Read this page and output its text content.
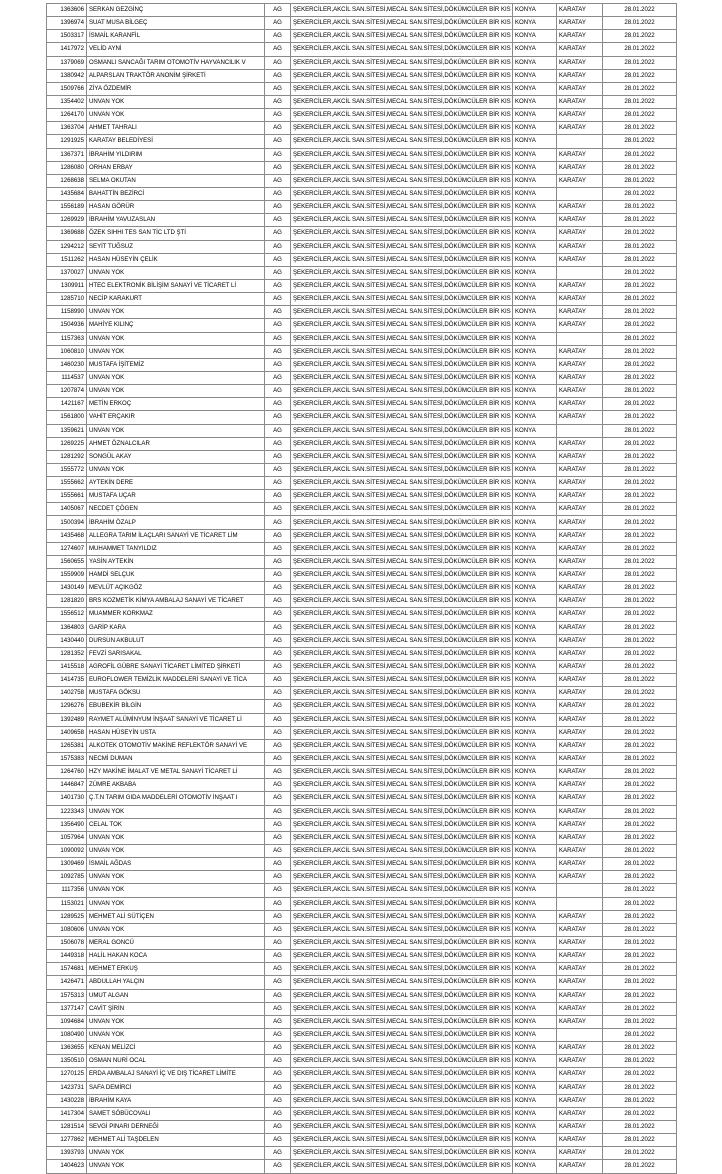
1363606	SERKAN GEZGİNÇ	AG	ŞEKERCİLER,AKCİL SAN.SİTESİ,MECAL SAN.SİTESİ,DÖKÜMCÜLER BİR KIS	KONYA	KARATAY	28.01.2022
1396974	SUAT MUSA BİLGEÇ	AG	ŞEKERCİLER,AKCİL SAN.SİTESİ,MECAL SAN.SİTESİ,DÖKÜMCÜLER BİR KIS	KONYA	KARATAY	28.01.2022
1503317	İSMAİL KARANFİL	AG	ŞEKERCİLER,AKCİL SAN.SİTESİ,MECAL SAN.SİTESİ,DÖKÜMCÜLER BİR KIS	KONYA	KARATAY	28.01.2022
1417972	VELİD AYNİ	AG	ŞEKERCİLER,AKCİL SAN.SİTESİ,MECAL SAN.SİTESİ,DÖKÜMCÜLER BİR KIS	KONYA	KARATAY	28.01.2022
1379069	OSMANLI SANCAĞI TARIM OTOMOTİV HAYVANCILIK V	AG	ŞEKERCİLER,AKCİL SAN.SİTESİ,MECAL SAN.SİTESİ,DÖKÜMCÜLER BİR KIS	KONYA	KARATAY	28.01.2022
1380942	ALPARSLAN TRAKTÖR ANONİM ŞİRKETİ	AG	ŞEKERCİLER,AKCİL SAN.SİTESİ,MECAL SAN.SİTESİ,DÖKÜMCÜLER BİR KIS	KONYA	KARATAY	28.01.2022
1509766	ZİYA ÖZDEMİR	AG	ŞEKERCİLER,AKCİL SAN.SİTESİ,MECAL SAN.SİTESİ,DÖKÜMCÜLER BİR KIS	KONYA	KARATAY	28.01.2022
1354402	UNVAN YOK	AG	ŞEKERCİLER,AKCİL SAN.SİTESİ,MECAL SAN.SİTESİ,DÖKÜMCÜLER BİR KIS	KONYA	KARATAY	28.01.2022
1264170	UNVAN YOK	AG	ŞEKERCİLER,AKCİL SAN.SİTESİ,MECAL SAN.SİTESİ,DÖKÜMCÜLER BİR KIS	KONYA	KARATAY	28.01.2022
1363704	AHMET TAHRALI	AG	ŞEKERCİLER,AKCİL SAN.SİTESİ,MECAL SAN.SİTESİ,DÖKÜMCÜLER BİR KIS	KONYA	KARATAY	28.01.2022
1291925	KARATAY BELEDİYESİ	AG	ŞEKERCİLER,AKCİL SAN.SİTESİ,MECAL SAN.SİTESİ,DÖKÜMCÜLER BİR KIS	KONYA		28.01.2022
1367371	İBRAHİM YILDIRIM	AG	ŞEKERCİLER,AKCİL SAN.SİTESİ,MECAL SAN.SİTESİ,DÖKÜMCÜLER BİR KIS	KONYA	KARATAY	28.01.2022
1286080	ORHAN ERBAY	AG	ŞEKERCİLER,AKCİL SAN.SİTESİ,MECAL SAN.SİTESİ,DÖKÜMCÜLER BİR KIS	KONYA	KARATAY	28.01.2022
1268638	SELMA OKUTAN	AG	ŞEKERCİLER,AKCİL SAN.SİTESİ,MECAL SAN.SİTESİ,DÖKÜMCÜLER BİR KIS	KONYA	KARATAY	28.01.2022
1435684	BAHATTİN BEZİRCİ	AG	ŞEKERCİLER,AKCİL SAN.SİTESİ,MECAL SAN.SİTESİ,DÖKÜMCÜLER BİR KIS	KONYA		28.01.2022
1556189	HASAN GÖRÜR	AG	ŞEKERCİLER,AKCİL SAN.SİTESİ,MECAL SAN.SİTESİ,DÖKÜMCÜLER BİR KIS	KONYA	KARATAY	28.01.2022
1269929	İBRAHİM YAVUZASLAN	AG	ŞEKERCİLER,AKCİL SAN.SİTESİ,MECAL SAN.SİTESİ,DÖKÜMCÜLER BİR KIS	KONYA	KARATAY	28.01.2022
1369688	ÖZEK SIHHI TES SAN TİC LTD ŞTİ	AG	ŞEKERCİLER,AKCİL SAN.SİTESİ,MECAL SAN.SİTESİ,DÖKÜMCÜLER BİR KIS	KONYA	KARATAY	28.01.2022
1294212	SEYİT TUĞSUZ	AG	ŞEKERCİLER,AKCİL SAN.SİTESİ,MECAL SAN.SİTESİ,DÖKÜMCÜLER BİR KIS	KONYA	KARATAY	28.01.2022
1511262	HASAN HÜSEYİN ÇELİK	AG	ŞEKERCİLER,AKCİL SAN.SİTESİ,MECAL SAN.SİTESİ,DÖKÜMCÜLER BİR KIS	KONYA	KARATAY	28.01.2022
1370027	UNVAN YOK	AG	ŞEKERCİLER,AKCİL SAN.SİTESİ,MECAL SAN.SİTESİ,DÖKÜMCÜLER BİR KIS	KONYA		28.01.2022
1309911	HTEC ELEKTRONİK BİLİŞİM SANAYİ VE TİCARET Lİ	AG	ŞEKERCİLER,AKCİL SAN.SİTESİ,MECAL SAN.SİTESİ,DÖKÜMCÜLER BİR KIS	KONYA	KARATAY	28.01.2022
1285710	NECİP KARAKURT	AG	ŞEKERCİLER,AKCİL SAN.SİTESİ,MECAL SAN.SİTESİ,DÖKÜMCÜLER BİR KIS	KONYA	KARATAY	28.01.2022
1158990	UNVAN YOK	AG	ŞEKERCİLER,AKCİL SAN.SİTESİ,MECAL SAN.SİTESİ,DÖKÜMCÜLER BİR KIS	KONYA	KARATAY	28.01.2022
1504936	MAHİYE KILINÇ	AG	ŞEKERCİLER,AKCİL SAN.SİTESİ,MECAL SAN.SİTESİ,DÖKÜMCÜLER BİR KIS	KONYA	KARATAY	28.01.2022
1157363	UNVAN YOK	AG	ŞEKERCİLER,AKCİL SAN.SİTESİ,MECAL SAN.SİTESİ,DÖKÜMCÜLER BİR KIS	KONYA		28.01.2022
1060810	UNVAN YOK	AG	ŞEKERCİLER,AKCİL SAN.SİTESİ,MECAL SAN.SİTESİ,DÖKÜMCÜLER BİR KIS	KONYA	KARATAY	28.01.2022
1460230	MUSTAFA İŞİTEMİZ	AG	ŞEKERCİLER,AKCİL SAN.SİTESİ,MECAL SAN.SİTESİ,DÖKÜMCÜLER BİR KIS	KONYA	KARATAY	28.01.2022
1114537	UNVAN YOK	AG	ŞEKERCİLER,AKCİL SAN.SİTESİ,MECAL SAN.SİTESİ,DÖKÜMCÜLER BİR KIS	KONYA	KARATAY	28.01.2022
1207874	UNVAN YOK	AG	ŞEKERCİLER,AKCİL SAN.SİTESİ,MECAL SAN.SİTESİ,DÖKÜMCÜLER BİR KIS	KONYA	KARATAY	28.01.2022
1421167	METİN ERKOÇ	AG	ŞEKERCİLER,AKCİL SAN.SİTESİ,MECAL SAN.SİTESİ,DÖKÜMCÜLER BİR KIS	KONYA	KARATAY	28.01.2022
1561800	VAHİT ERÇAKIR	AG	ŞEKERCİLER,AKCİL SAN.SİTESİ,MECAL SAN.SİTESİ,DÖKÜMCÜLER BİR KIS	KONYA	KARATAY	28.01.2022
1359621	UNVAN YOK	AG	ŞEKERCİLER,AKCİL SAN.SİTESİ,MECAL SAN.SİTESİ,DÖKÜMCÜLER BİR KIS	KONYA		28.01.2022
1269225	AHMET ÖZNALCILAR	AG	ŞEKERCİLER,AKCİL SAN.SİTESİ,MECAL SAN.SİTESİ,DÖKÜMCÜLER BİR KIS	KONYA	KARATAY	28.01.2022
1281292	SONGÜL AKAY	AG	ŞEKERCİLER,AKCİL SAN.SİTESİ,MECAL SAN.SİTESİ,DÖKÜMCÜLER BİR KIS	KONYA	KARATAY	28.01.2022
1555772	UNVAN YOK	AG	ŞEKERCİLER,AKCİL SAN.SİTESİ,MECAL SAN.SİTESİ,DÖKÜMCÜLER BİR KIS	KONYA	KARATAY	28.01.2022
1555662	AYTEKİN DERE	AG	ŞEKERCİLER,AKCİL SAN.SİTESİ,MECAL SAN.SİTESİ,DÖKÜMCÜLER BİR KIS	KONYA	KARATAY	28.01.2022
1555661	MUSTAFA UÇAR	AG	ŞEKERCİLER,AKCİL SAN.SİTESİ,MECAL SAN.SİTESİ,DÖKÜMCÜLER BİR KIS	KONYA	KARATAY	28.01.2022
1405067	NECDET ÇÖGEN	AG	ŞEKERCİLER,AKCİL SAN.SİTESİ,MECAL SAN.SİTESİ,DÖKÜMCÜLER BİR KIS	KONYA	KARATAY	28.01.2022
1500394	İBRAHİM ÖZALP	AG	ŞEKERCİLER,AKCİL SAN.SİTESİ,MECAL SAN.SİTESİ,DÖKÜMCÜLER BİR KIS	KONYA	KARATAY	28.01.2022
1435468	ALLEGRA TARIM İLAÇLARI SANAYİ VE TİCARET LİM	AG	ŞEKERCİLER,AKCİL SAN.SİTESİ,MECAL SAN.SİTESİ,DÖKÜMCÜLER BİR KIS	KONYA	KARATAY	28.01.2022
1274607	MUHAMMET TANYILDIZ	AG	ŞEKERCİLER,AKCİL SAN.SİTESİ,MECAL SAN.SİTESİ,DÖKÜMCÜLER BİR KIS	KONYA	KARATAY	28.01.2022
1560655	YASİN AYTEKİN	AG	ŞEKERCİLER,AKCİL SAN.SİTESİ,MECAL SAN.SİTESİ,DÖKÜMCÜLER BİR KIS	KONYA	KARATAY	28.01.2022
1559909	HAMDİ SELÇUK	AG	ŞEKERCİLER,AKCİL SAN.SİTESİ,MECAL SAN.SİTESİ,DÖKÜMCÜLER BİR KIS	KONYA	KARATAY	28.01.2022
1430149	MEVLÜT AÇIKGÖZ	AG	ŞEKERCİLER,AKCİL SAN.SİTESİ,MECAL SAN.SİTESİ,DÖKÜMCÜLER BİR KIS	KONYA	KARATAY	28.01.2022
1281820	BRS KOZMETİK KİMYA AMBALAJ SANAYİ VE TİCARET	AG	ŞEKERCİLER,AKCİL SAN.SİTESİ,MECAL SAN.SİTESİ,DÖKÜMCÜLER BİR KIS	KONYA	KARATAY	28.01.2022
1556512	MUAMMER KORKMAZ	AG	ŞEKERCİLER,AKCİL SAN.SİTESİ,MECAL SAN.SİTESİ,DÖKÜMCÜLER BİR KIS	KONYA	KARATAY	28.01.2022
1364803	GARİP KARA	AG	ŞEKERCİLER,AKCİL SAN.SİTESİ,MECAL SAN.SİTESİ,DÖKÜMCÜLER BİR KIS	KONYA	KARATAY	28.01.2022
1430440	DURSUN AKBULUT	AG	ŞEKERCİLER,AKCİL SAN.SİTESİ,MECAL SAN.SİTESİ,DÖKÜMCÜLER BİR KIS	KONYA	KARATAY	28.01.2022
1281352	FEVZİ SARISAKAL	AG	ŞEKERCİLER,AKCİL SAN.SİTESİ,MECAL SAN.SİTESİ,DÖKÜMCÜLER BİR KIS	KONYA	KARATAY	28.01.2022
1415518	AGROFİL GÜBRE SANAYİ TİCARET LİMİTED ŞİRKETİ	AG	ŞEKERCİLER,AKCİL SAN.SİTESİ,MECAL SAN.SİTESİ,DÖKÜMCÜLER BİR KIS	KONYA	KARATAY	28.01.2022
1414735	EUROFLOWER TEMİZLİK MADDELERİ SANAYİ VE TİCA	AG	ŞEKERCİLER,AKCİL SAN.SİTESİ,MECAL SAN.SİTESİ,DÖKÜMCÜLER BİR KIS	KONYA	KARATAY	28.01.2022
1402758	MUSTAFA GÖKSU	AG	ŞEKERCİLER,AKCİL SAN.SİTESİ,MECAL SAN.SİTESİ,DÖKÜMCÜLER BİR KIS	KONYA	KARATAY	28.01.2022
1296276	EBUBEKİR BİLGİN	AG	ŞEKERCİLER,AKCİL SAN.SİTESİ,MECAL SAN.SİTESİ,DÖKÜMCÜLER BİR KIS	KONYA	KARATAY	28.01.2022
1392489	RAYMET ALÜMİNYUM İNŞAAT SANAYİ VE TİCARET Lİ	AG	ŞEKERCİLER,AKCİL SAN.SİTESİ,MECAL SAN.SİTESİ,DÖKÜMCÜLER BİR KIS	KONYA	KARATAY	28.01.2022
1409658	HASAN HÜSEYİN USTA	AG	ŞEKERCİLER,AKCİL SAN.SİTESİ,MECAL SAN.SİTESİ,DÖKÜMCÜLER BİR KIS	KONYA	KARATAY	28.01.2022
1265381	ALKOTEK OTOMOTİV MAKİNE REFLEKTÖR SANAYİ VE	AG	ŞEKERCİLER,AKCİL SAN.SİTESİ,MECAL SAN.SİTESİ,DÖKÜMCÜLER BİR KIS	KONYA	KARATAY	28.01.2022
1575383	NECMİ DUMAN	AG	ŞEKERCİLER,AKCİL SAN.SİTESİ,MECAL SAN.SİTESİ,DÖKÜMCÜLER BİR KIS	KONYA	KARATAY	28.01.2022
1264760	HZY MAKİNE İMALAT VE METAL SANAYİ TİCARET Lİ	AG	ŞEKERCİLER,AKCİL SAN.SİTESİ,MECAL SAN.SİTESİ,DÖKÜMCÜLER BİR KIS	KONYA	KARATAY	28.01.2022
1446847	ZÜMRE AKBABA	AG	ŞEKERCİLER,AKCİL SAN.SİTESİ,MECAL SAN.SİTESİ,DÖKÜMCÜLER BİR KIS	KONYA	KARATAY	28.01.2022
1401730	Ç.T.N TARIM GIDA MADDELERİ OTOMOTİV İNŞAAT I	AG	ŞEKERCİLER,AKCİL SAN.SİTESİ,MECAL SAN.SİTESİ,DÖKÜMCÜLER BİR KIS	KONYA	KARATAY	28.01.2022
1223343	UNVAN YOK	AG	ŞEKERCİLER,AKCİL SAN.SİTESİ,MECAL SAN.SİTESİ,DÖKÜMCÜLER BİR KIS	KONYA	KARATAY	28.01.2022
1356490	CELAL TOK	AG	ŞEKERCİLER,AKCİL SAN.SİTESİ,MECAL SAN.SİTESİ,DÖKÜMCÜLER BİR KIS	KONYA	KARATAY	28.01.2022
1057964	UNVAN YOK	AG	ŞEKERCİLER,AKCİL SAN.SİTESİ,MECAL SAN.SİTESİ,DÖKÜMCÜLER BİR KIS	KONYA	KARATAY	28.01.2022
1090092	UNVAN YOK	AG	ŞEKERCİLER,AKCİL SAN.SİTESİ,MECAL SAN.SİTESİ,DÖKÜMCÜLER BİR KIS	KONYA	KARATAY	28.01.2022
1309469	İSMAİL AĞDAS	AG	ŞEKERCİLER,AKCİL SAN.SİTESİ,MECAL SAN.SİTESİ,DÖKÜMCÜLER BİR KIS	KONYA	KARATAY	28.01.2022
1092785	UNVAN YOK	AG	ŞEKERCİLER,AKCİL SAN.SİTESİ,MECAL SAN.SİTESİ,DÖKÜMCÜLER BİR KIS	KONYA	KARATAY	28.01.2022
1117356	UNVAN YOK	AG	ŞEKERCİLER,AKCİL SAN.SİTESİ,MECAL SAN.SİTESİ,DÖKÜMCÜLER BİR KIS	KONYA		28.01.2022
1153021	UNVAN YOK	AG	ŞEKERCİLER,AKCİL SAN.SİTESİ,MECAL SAN.SİTESİ,DÖKÜMCÜLER BİR KIS	KONYA		28.01.2022
1289525	MEHMET ALİ SÜTİÇEN	AG	ŞEKERCİLER,AKCİL SAN.SİTESİ,MECAL SAN.SİTESİ,DÖKÜMCÜLER BİR KIS	KONYA	KARATAY	28.01.2022
1080606	UNVAN YOK	AG	ŞEKERCİLER,AKCİL SAN.SİTESİ,MECAL SAN.SİTESİ,DÖKÜMCÜLER BİR KIS	KONYA	KARATAY	28.01.2022
1506078	MERAL GONCÜ	AG	ŞEKERCİLER,AKCİL SAN.SİTESİ,MECAL SAN.SİTESİ,DÖKÜMCÜLER BİR KIS	KONYA	KARATAY	28.01.2022
1449318	HALİL HAKAN KOCA	AG	ŞEKERCİLER,AKCİL SAN.SİTESİ,MECAL SAN.SİTESİ,DÖKÜMCÜLER BİR KIS	KONYA	KARATAY	28.01.2022
1574681	MEHMET ERKUŞ	AG	ŞEKERCİLER,AKCİL SAN.SİTESİ,MECAL SAN.SİTESİ,DÖKÜMCÜLER BİR KIS	KONYA	KARATAY	28.01.2022
1426471	ABDULLAH YALÇIN	AG	ŞEKERCİLER,AKCİL SAN.SİTESİ,MECAL SAN.SİTESİ,DÖKÜMCÜLER BİR KIS	KONYA	KARATAY	28.01.2022
1575313	UMUT ALGAN	AG	ŞEKERCİLER,AKCİL SAN.SİTESİ,MECAL SAN.SİTESİ,DÖKÜMCÜLER BİR KIS	KONYA	KARATAY	28.01.2022
1377147	CAVİT ŞİRİN	AG	ŞEKERCİLER,AKCİL SAN.SİTESİ,MECAL SAN.SİTESİ,DÖKÜMCÜLER BİR KIS	KONYA	KARATAY	28.01.2022
1094684	UNVAN YOK	AG	ŞEKERCİLER,AKCİL SAN.SİTESİ,MECAL SAN.SİTESİ,DÖKÜMCÜLER BİR KIS	KONYA	KARATAY	28.01.2022
1080490	UNVAN YOK	AG	ŞEKERCİLER,AKCİL SAN.SİTESİ,MECAL SAN.SİTESİ,DÖKÜMCÜLER BİR KIS	KONYA		28.01.2022
1363655	KENAN MELİZCİ	AG	ŞEKERCİLER,AKCİL SAN.SİTESİ,MECAL SAN.SİTESİ,DÖKÜMCÜLER BİR KIS	KONYA	KARATAY	28.01.2022
1350510	OSMAN NURİ OCAL	AG	ŞEKERCİLER,AKCİL SAN.SİTESİ,MECAL SAN.SİTESİ,DÖKÜMCÜLER BİR KIS	KONYA	KARATAY	28.01.2022
1270125	ERDA AMBALAJ SANAYİ İÇ VE DIŞ TİCARET LİMİTE	AG	ŞEKERCİLER,AKCİL SAN.SİTESİ,MECAL SAN.SİTESİ,DÖKÜMCÜLER BİR KIS	KONYA	KARATAY	28.01.2022
1423731	SAFA DEMİRCİ	AG	ŞEKERCİLER,AKCİL SAN.SİTESİ,MECAL SAN.SİTESİ,DÖKÜMCÜLER BİR KIS	KONYA	KARATAY	28.01.2022
1430228	İBRAHİM KAYA	AG	ŞEKERCİLER,AKCİL SAN.SİTESİ,MECAL SAN.SİTESİ,DÖKÜMCÜLER BİR KIS	KONYA	KARATAY	28.01.2022
1417304	SAMET SÖBÜCOVALI	AG	ŞEKERCİLER,AKCİL SAN.SİTESİ,MECAL SAN.SİTESİ,DÖKÜMCÜLER BİR KIS	KONYA	KARATAY	28.01.2022
1281514	SEVGİ PINARI DERNEĞİ	AG	ŞEKERCİLER,AKCİL SAN.SİTESİ,MECAL SAN.SİTESİ,DÖKÜMCÜLER BİR KIS	KONYA	KARATAY	28.01.2022
1277862	MEHMET ALİ TAŞDELEN	AG	ŞEKERCİLER,AKCİL SAN.SİTESİ,MECAL SAN.SİTESİ,DÖKÜMCÜLER BİR KIS	KONYA	KARATAY	28.01.2022
1393793	UNVAN YOK	AG	ŞEKERCİLER,AKCİL SAN.SİTESİ,MECAL SAN.SİTESİ,DÖKÜMCÜLER BİR KIS	KONYA	KARATAY	28.01.2022
1404623	UNVAN YOK	AG	ŞEKERCİLER,AKCİL SAN.SİTESİ,MECAL SAN.SİTESİ,DÖKÜMCÜLER BİR KIS	KONYA	KARATAY	28.01.2022
